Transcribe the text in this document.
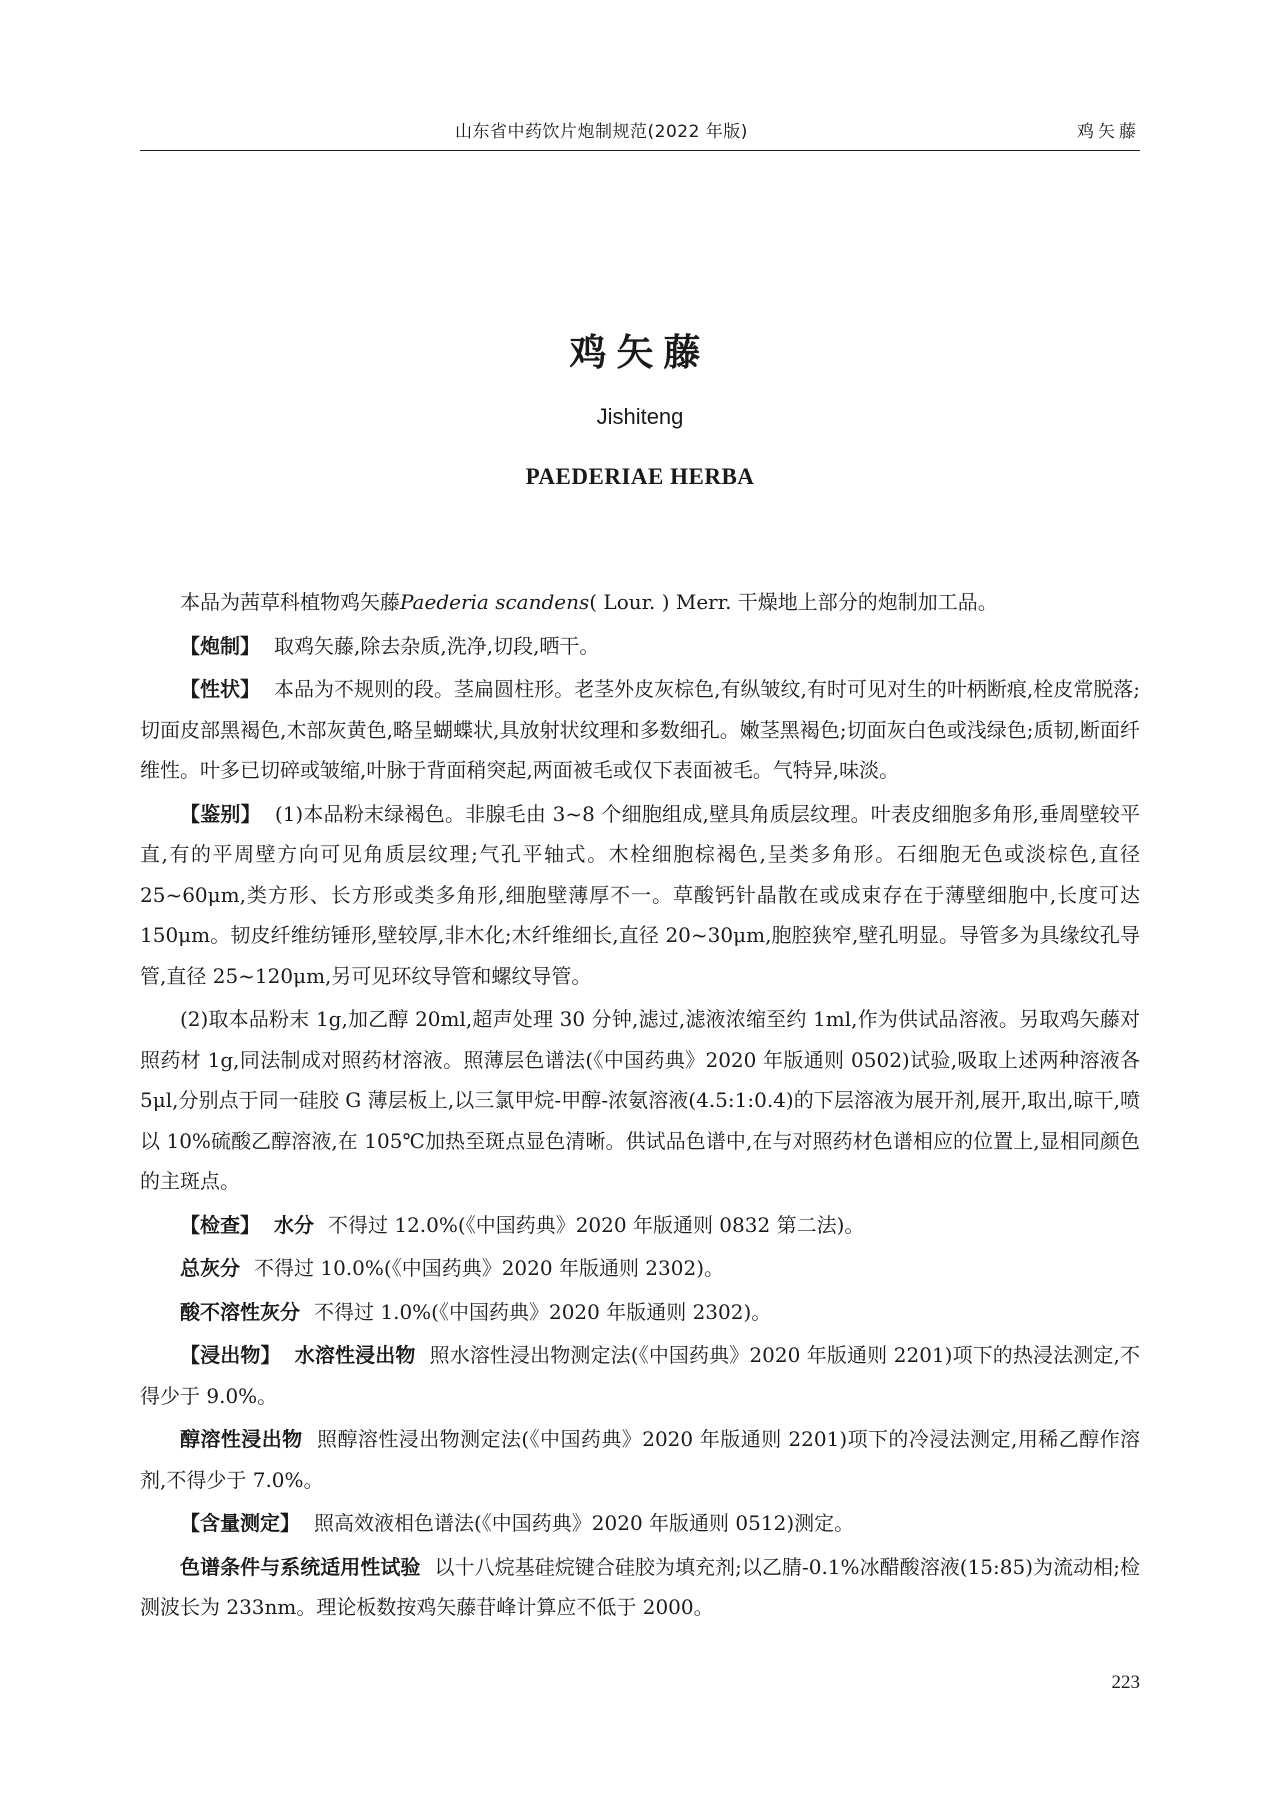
山东省中药饮片炮制规范(2022 年版)	鸡矢藤
鸡矢藤
Jishiteng
PAEDERIAE HERBA

本品为茜草科植物鸡矢藤Paederia scandens( Lour. ) Merr. 干燥地上部分的炮制加工品。

【炮制】 取鸡矢藤,除去杂质,洗净,切段,晒干。

【性状】 本品为不规则的段。茎扁圆柱形。老茎外皮灰棕色,有纵皱纹,有时可见对生的叶柄断痕,栓皮常脱落;切面皮部黑褐色,木部灰黄色,略呈蝴蝶状,具放射状纹理和多数细孔。嫩茎黑褐色;切面灰白色或浅绿色;质韧,断面纤维性。叶多已切碎或皱缩,叶脉于背面稍突起,两面被毛或仅下表面被毛。气特异,味淡。

【鉴别】 (1)本品粉末绿褐色。非腺毛由 3~8 个细胞组成,壁具角质层纹理。叶表皮细胞多角形,垂周壁较平直,有的平周壁方向可见角质层纹理;气孔平轴式。木栓细胞棕褐色,呈类多角形。石细胞无色或淡棕色,直径 25~60μm,类方形、长方形或类多角形,细胞壁薄厚不一。草酸钙针晶散在或成束存在于薄壁细胞中,长度可达 150μm。韧皮纤维纺锤形,壁较厚,非木化;木纤维细长,直径 20~30μm,胞腔狭窄,壁孔明显。导管多为具缘纹孔导管,直径 25~120μm,另可见环纹导管和螺纹导管。

(2)取本品粉末 1g,加乙醇 20ml,超声处理 30 分钟,滤过,滤液浓缩至约 1ml,作为供试品溶液。另取鸡矢藤对照药材 1g,同法制成对照药材溶液。照薄层色谱法(《中国药典》2020 年版通则 0502)试验,吸取上述两种溶液各 5μl,分别点于同一硅胶 G 薄层板上,以三氯甲烷-甲醇-浓氨溶液(4.5:1:0.4)的下层溶液为展开剂,展开,取出,晾干,喷以 10%硫酸乙醇溶液,在 105℃加热至斑点显色清晰。供试品色谱中,在与对照药材色谱相应的位置上,显相同颜色的主斑点。

【检查】 水分 不得过 12.0%(《中国药典》2020 年版通则 0832 第二法)。

总灰分 不得过 10.0%(《中国药典》2020 年版通则 2302)。

酸不溶性灰分 不得过 1.0%(《中国药典》2020 年版通则 2302)。

【浸出物】 水溶性浸出物 照水溶性浸出物测定法(《中国药典》2020 年版通则 2201)项下的热浸法测定,不得少于 9.0%。

醇溶性浸出物 照醇溶性浸出物测定法(《中国药典》2020 年版通则 2201)项下的冷浸法测定,用稀乙醇作溶剂,不得少于 7.0%。

【含量测定】 照高效液相色谱法(《中国药典》2020 年版通则 0512)测定。

色谱条件与系统适用性试验 以十八烷基硅烷键合硅胶为填充剂;以乙腈-0.1%冰醋酸溶液(15:85)为流动相;检测波长为 233nm。理论板数按鸡矢藤苷峰计算应不低于 2000。

223
